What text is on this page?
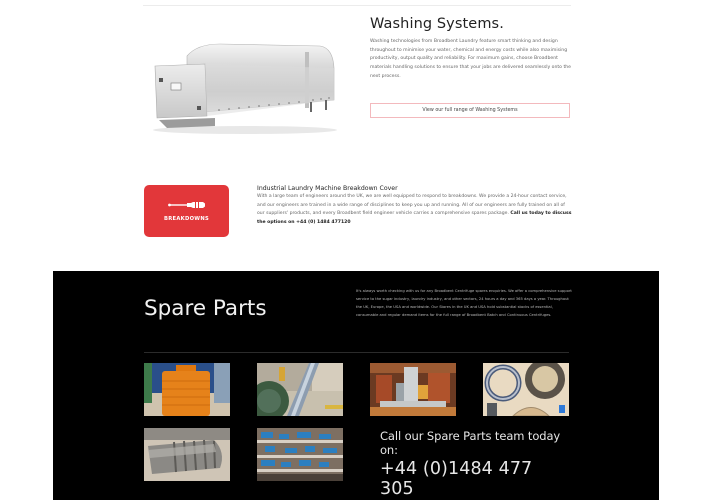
Washing Systems.

Washing technologies from Broadbent Laundry feature smart thinking and design throughout to minimise your water, chemical and energy costs while also maximising productivity, output quality and reliability. For maximum gains, choose Broadbent materials handling solutions to ensure that your jobs are delivered seamlessly onto the next process.

View our full range of Washing Systems
BREAKDOWNS
Industrial Laundry Machine Breakdown Cover

With a large team of engineers around the UK, we are well equipped to respond to breakdowns. We provide a 24-hour contact service, and our engineers are trained in a wide range of disciplines to keep you up and running. All of our engineers are fully trained on all of our suppliers' products, and every Broadbent field engineer vehicle carries a comprehensive spares package. Call us today to discuss the options on +44 (0) 1484 477120

Spare Parts

It's always worth checking with us for any Broadbent Centrifuge spares enquiries. We offer a comprehensive support service to the sugar industry, laundry industry, and other sectors, 24 hours a day and 365 days a year. Throughout the UK, Europe, the USA and worldwide. Our Stores in the UK and USA hold substantial stocks of essential, consumable and regular demand items for the full range of Broadbent Batch and Continuous Centrifuges.

Call our Spare Parts team today on:
+44 (0)1484 477 305
